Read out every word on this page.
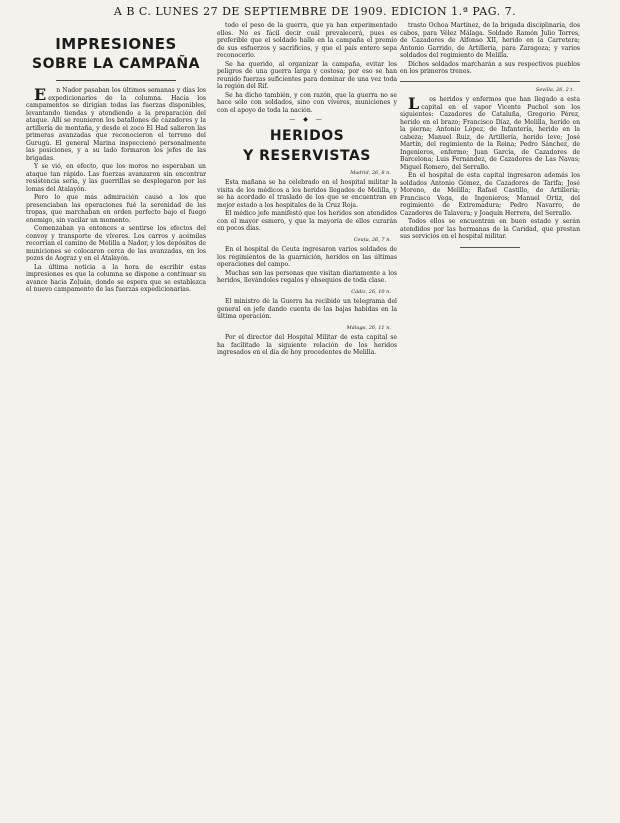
A B C. LUNES 27 DE SEPTIEMBRE DE 1909. EDICION 1.ª PAG. 7.
IMPRESIONES
SOBRE LA CAMPAÑA
E n Nador pasaban los últimos semanas y días los expedicionarios de la columna. Hacia los campamentos se dirigían todas las fuerzas disponibles, levantando tiendas y atendiendo a la preparación del ataque. Allí se reunieron los batallones de cazadores y la artillería de montaña, y desde el zoco El Had salieron las primeras avanzadas que reconocieron el terreno del Gurugú. El general Marina inspeccionó personalmente las posiciones, y a su lado formaron los jefes de las brigadas.
Y se vió, en efecto, que los moros no esperaban un ataque tan rápido. Las fuerzas avanzaron sin encontrar resistencia seria, y las guerrillas se desplegaron por las lomas del Atalayón.
Pero lo que más admiración causó a los que presenciaban las operaciones fué la serenidad de las tropas, que marchaban en orden perfecto bajo el fuego enemigo, sin vacilar un momento.
Comenzaban ya entonces a sentirse los efectos del convoy y transporte de víveres. Los carros y acémilas recorrían el camino de Melilla a Nador, y los depósitos de municiones se colocaron cerca de las avanzadas, en los pozos de Aograz y en el Atalayón.
La última noticia a la hora de escribir estas impresiones es que la columna se dispone a continuar su avance hacia Zeluán, donde se espera que se establezca el nuevo campamento de las fuerzas expedicionarias.
todo el peso de la guerra, que ya han experimentado ellos. No es fácil decir cuál prevalecerá, pues es preferible que el soldado halle en la campaña el premio de sus esfuerzos y sacrificios, y que el país entero sepa reconocerlo.
Se ha querido, al organizar la campaña, evitar los peligros de una guerra larga y costosa; por eso se han reunido fuerzas suficientes para dominar de una vez toda la región del Rif.
Se ha dicho también, y con razón, que la guerra no se hace sólo con soldados, sino con víveres, municiones y con el apoyo de toda la nación.
— ◆ —
HERIDOS
Y RESERVISTAS
Madrid, 26, 8 n.
Esta mañana se ha celebrado en el hospital militar la visita de los médicos a los heridos llegados de Melilla, y se ha acordado el traslado de los que se encuentran en mejor estado a los hospitales de la Cruz Roja.
El médico jefe manifestó que los heridos son atendidos con el mayor esmero, y que la mayoría de ellos curarán en pocos días.
Ceuta, 26, 7 n.
En el hospital de Ceuta ingresaron varios soldados de los regimientos de la guarnición, heridos en las últimas operaciones del campo.
Muchas son las personas que visitan diariamente a los heridos, llevándoles regalos y obsequios de toda clase.
Cádiz, 26, 10 n.
El ministro de la Guerra ha recibido un telegrama del general en jefe dando cuenta de las bajas habidas en la última operación.
Málaga, 26, 11 n.
Por el director del Hospital Militar de esta capital se ha facilitado la siguiente relación de los heridos ingresados en el día de hoy procedentes de Melilla.
trasto Ochoa Martínez, de la brigada disciplinaria, dos cabos, para Vélez Málaga. Soldado Ramón Julio Torres, de Cazadores de Alfonso XII, herido en la Carretera; Antonio Garrido, de Artillería, para Zaragoza; y varios soldados del regimiento de Melilla.
Dichos soldados marcharán a sus respectivos pueblos en los primeros trenes.
Sevilla, 26, 2 t.
L os heridos y enfermos que han llegado a esta capital en el vapor Vicente Puchol son los siguientes: Cazadores de Cataluña, Gregorio Pérez, herido en el brazo; Francisco Díaz, de Melilla, herido en la pierna; Antonio López, de Infantería, herido en la cabeza; Manuel Ruiz, de Artillería, herido leve; José Martín, del regimiento de la Reina; Pedro Sánchez, de Ingenieros, enfermo; Juan García, de Cazadores de Barcelona; Luis Fernández, de Cazadores de Las Navas; Miguel Romero, del Serrallo.
En el hospital de esta capital ingresaron además los soldados Antonio Gómez, de Cazadores de Tarifa; José Moreno, de Melilla; Rafael Castillo, de Artillería; Francisco Vega, de Ingenieros; Manuel Ortiz, del regimiento de Extremadura; Pedro Navarro, de Cazadores de Talavera; y Joaquín Herrera, del Serrallo.
Todos ellos se encuentran en buen estado y serán atendidos por las hermanas de la Caridad, que prestan sus servicios en el hospital militar.
